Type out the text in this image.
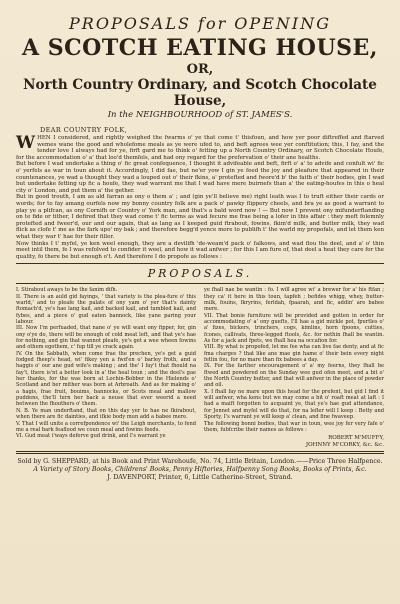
PROPOSALS for OPENING
A SCOTCH EATING HOUSE,
OR,
North Country Ordinary, and Scotch Chocolate House,
In the NEIGHBOURHOOD of ST. JAMES'S.
DEAR COUNTRY FOLK,
W HEN I considered, and rightly weighed the fwarms o' ye that come t' thisfoun, and how yer poor diftreffed and ftarved wemes wane the good and wholefome meals as ye were ufed to, and beft agrees wee yer conftitution; this, I fay, and the tender love I always had for ye, firft gard me to think o' fetting up a North Country Ordinary, or Scotch Chocolate Houfe, for the accommodation o' a' that loo'd themfels, and had ony regard for the prefervation o' their ane healths.

But before I wad undertake a thing o' fic great confequence, I thought it advifeable and beft, firft o' a' to advife and confult wi' fic o' yerfels as war in toun about it. Accordingly, I did fae, but ne'er yow I gin ye feed the joy and pleafure that appeared in their countenances, ye wad a thought they wad a louped out o' their fkins, a' protefted and fwore'd b' the faith o' their bodies, gin I wad but undertake fetting up fic a houfe, they wad warrant me that I wad have mere buirnefs than a' the eating-houfes in this o heal city o' London, and put them a' the gether.

But in good trouth, I am as ald farran as ony o them a' ; and (gin ye'll believe me) right leath was I to truft either their cards or words; for to fay amang ourfels now my bonny country folk are a pack o' pawky flippery cheels, and bra ye as good a warrant to play ye a plifcan, as ony Cornifh or Country o' York man, and that's a bald word now ! — But now I prevent ony mifunderftanding on te fide or tither, I defired that they wad come t' fic terms as wad fecure me frae being a lofer in this affair : they meft folemnly protefted and fweer'd, our and our again, that as lang as I keeped guid ftrabout, fowins, fkim'd milk, and butter milk, they wad flick as clofe t' me as the fark upo' my bak ; and therefore begg'd yence more to publifh t' the warld my propofals, and let them ken what they war t' hae for their filler.

Now thinks I t' myfel, ye ken weel enough, they are a devilifh 'de-weam'd pack o' falkows, and wad flou the deel, and a' o' thin meet intil them, fe I was refolved to confider it weel, and how it wad anfwer ; for this I am fure of, that deel a heat they care for the quality, fo there be but enough o't. And therefore I do propofe as follows :

PROPOSALS.

I. Stirabout aways to be the fanim difh.

II. There is an auld gid fayings, ' that variety is the plea-fure o' this warld,' and to pleafe the palats of ony yam o' yer that's dainty ftomach'd, ye's hae lang kail, and backed kail, and tumbled kail, and fybes, and a piece o' gud eaten bannock, like yane paring your labour.

III. Now I'm perfuaded, that nane o' ye will want ony fipper, for, gin ony o'ye do, there will be enough of cold meat left, and that ye's hae for nothing, and gin that wannot pleafe, ye's get a wee wheen fowins and othem egothem, c' fup till ye crack again.

IV. On the Sabbath, when come frae the prechen, ye's get a guid fodged fheep's head, wi' fikey yen a fwd'en o' barley froth, and a haggis o' our ane gud wife's making ; and the' I fay't that fhould na fay't, there is'nt a better look in a' the heal toun ; and the deel's gae her thanks, for the was born at Lochin-Bobber in the Hielends o' Scotland and her mither was born at Arbroath. And as for making o' a hagis, frae fruit, bouims, bannocks, or Scots meal and mallow puddens, the'll turn her back a neuse that ever weerid a need between the fhouthers o' them.

N. B. Ye man underftand, that on this day yer to hae ne fkirabout, when there are fic dainties, and ifkie body mun add a babee mere.

V. That I will unite a correfpondence wi' the Leigh merchants, to fend me a real bark feaflood we coun meal and fowins feeds.

VI. Gud meat i'ways deferve gud drink, and I's warrant ye

ye fhall nae be wantin : fo. I will agree wi' a brewer for a' his ftfan ; they ca' it here in this toun, tapfeh ; befides whigg, whey, butter-milk, fouins, fkryrins, ferldah, fpaarah, and fic, addin' are babee mere.

VII. That bonie furniture will be provided and gotten in order for accommodating o' a' ony guefts, I'll hae a gid mickle pot, fpurtles o' a' fizes, bickers, trinchers, cogs, kimlins, horn fpoons, cutties, fcones, callivats, three-legged ftools, &c. for nethin fhall be wantin. As for a jack and fpets, we fhall hea na occafion for.

VIII. By what is propofed, let me fee wha can live fae denty, and at fic fma charges ? that like ane mae gin hame o' their bein every night fetlin fou, for no mare than fix babees a day.

IX. For the farther encouragement o' a' my feerns, they fhall be ftwed and powdered on the Sunday wee gud ofen meet, and a bit o' the North Country butter, and that will anfwer in the place of powder and oil.

X. I fhall fay ne mare upon this head for the prefent, but gid I find it will anfwer, wha kens but we may come a bit o' roaft meat at laft : I had a maift forgotten to acquaint ye, that ye's hae gud attendance, for Jennet and myfel will do that, for na lefler will I keep : Betty and Sporty, I's warrant ye will keep a' clean, and fine fwaveep.

The following bonni bodies, that war in toun, wee joy fer very fafe o' them, fubfcribe their names as follows :

ROBERT M'MUFFY,
JOHNNY M'CORKY, &c. &c.
Sold by G. SHEPPARD, at his Book and Print Warehoufe, No. 74, Little Britain, London.——Price Three Halfpence.
A Variety of Story Books, Childrens' Books, Penny Hiftories, Halfpenny Song Books, Books of Prints, &c.
J. DAVENPORT, Printer, 6, Little Catherine-Street, Strand.
